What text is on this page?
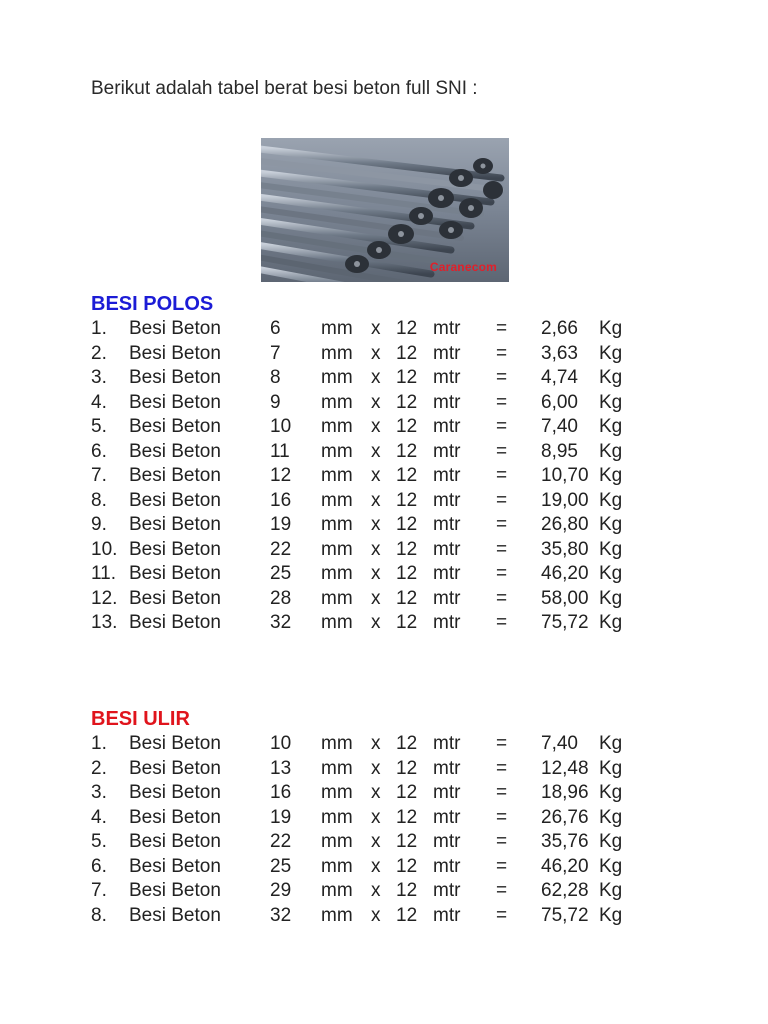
Berikut adalah tabel berat besi beton full SNI :
Caranecom
BESI POLOS
1. Besi Beton	6 mm x 12 mtr = 2,66 Kg
2. Besi Beton	7 mm x 12 mtr = 3,63 Kg
3. Besi Beton	8 mm x 12 mtr = 4,74 Kg
4. Besi Beton	9 mm x 12 mtr = 6,00 Kg
5. Besi Beton	10 mm x 12 mtr = 7,40 Kg
6. Besi Beton	11 mm x 12 mtr = 8,95 Kg
7. Besi Beton	12 mm x 12 mtr = 10,70 Kg
8. Besi Beton	16 mm x 12 mtr = 19,00 Kg
9. Besi Beton	19 mm x 12 mtr = 26,80 Kg
10. Besi Beton	22 mm x 12 mtr = 35,80 Kg
11. Besi Beton	25 mm x 12 mtr = 46,20 Kg
12. Besi Beton	28 mm x 12 mtr = 58,00 Kg
13. Besi Beton	32 mm x 12 mtr = 75,72 Kg
BESI ULIR
1. Besi Beton	10 mm x 12 mtr = 7,40 Kg
2. Besi Beton	13 mm x 12 mtr = 12,48 Kg
3. Besi Beton	16 mm x 12 mtr = 18,96 Kg
4. Besi Beton	19 mm x 12 mtr = 26,76 Kg
5. Besi Beton	22 mm x 12 mtr = 35,76 Kg
6. Besi Beton	25 mm x 12 mtr = 46,20 Kg
7. Besi Beton	29 mm x 12 mtr = 62,28 Kg
8. Besi Beton	32 mm x 12 mtr = 75,72 Kg
